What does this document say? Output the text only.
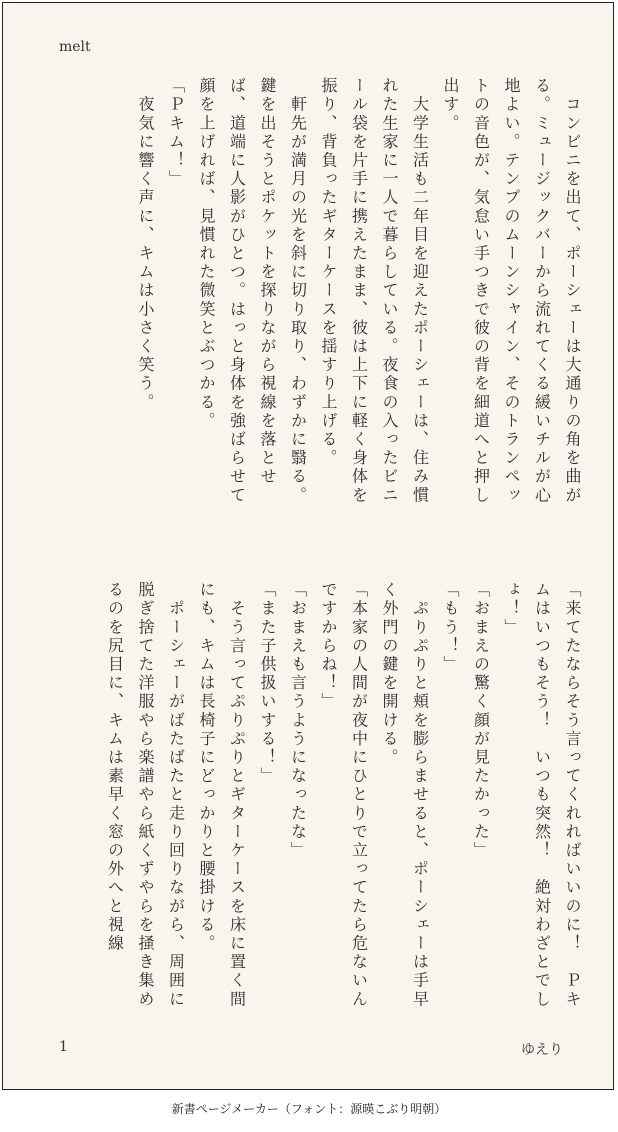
melt

　コンビニを出て、ポーシェーは大通りの角を曲がる。ミュージックバーから流れてくる緩いチルが心地よい。テンプのムーンシャイン、そのトランペットの音色が、気怠い手つきで彼の背を細道へと押し出す。

　大学生活も二年目を迎えたポーシェーは、住み慣れた生家に一人で暮らしている。夜食の入ったビニール袋を片手に携えたまま、彼は上下に軽く身体を振り、背負ったギターケースを揺すり上げる。

　軒先が満月の光を斜に切り取り、わずかに翳る。鍵を出そうとポケットを探りながら視線を落とせば、道端に人影がひとつ。はっと身体を強ばらせて顔を上げれば、見慣れた微笑とぶつかる。

「Ｐキム！」

　夜気に響く声に、キムは小さく笑う。

「来てたならそう言ってくれればいいのに！　Ｐキムはいつもそう！　いつも突然！　絶対わざとでしょ！」

「おまえの驚く顔が見たかった」

「もう！」

　ぷりぷりと頬を膨らませると、ポーシェーは手早く外門の鍵を開ける。

「本家の人間が夜中にひとりで立ってたら危ないんですからね！」

「おまえも言うようになったな」

「また子供扱いする！」

　そう言ってぷりぷりとギターケースを床に置く間にも、キムは長椅子にどっかりと腰掛ける。

　ポーシェーがばたばたと走り回りながら、周囲に脱ぎ捨てた洋服やら楽譜やら紙くずやらを掻き集めるのを尻目に、キムは素早く窓の外へと視線

1	ゆえり
新書ページメーカー（フォント：源暎こぶり明朝）
